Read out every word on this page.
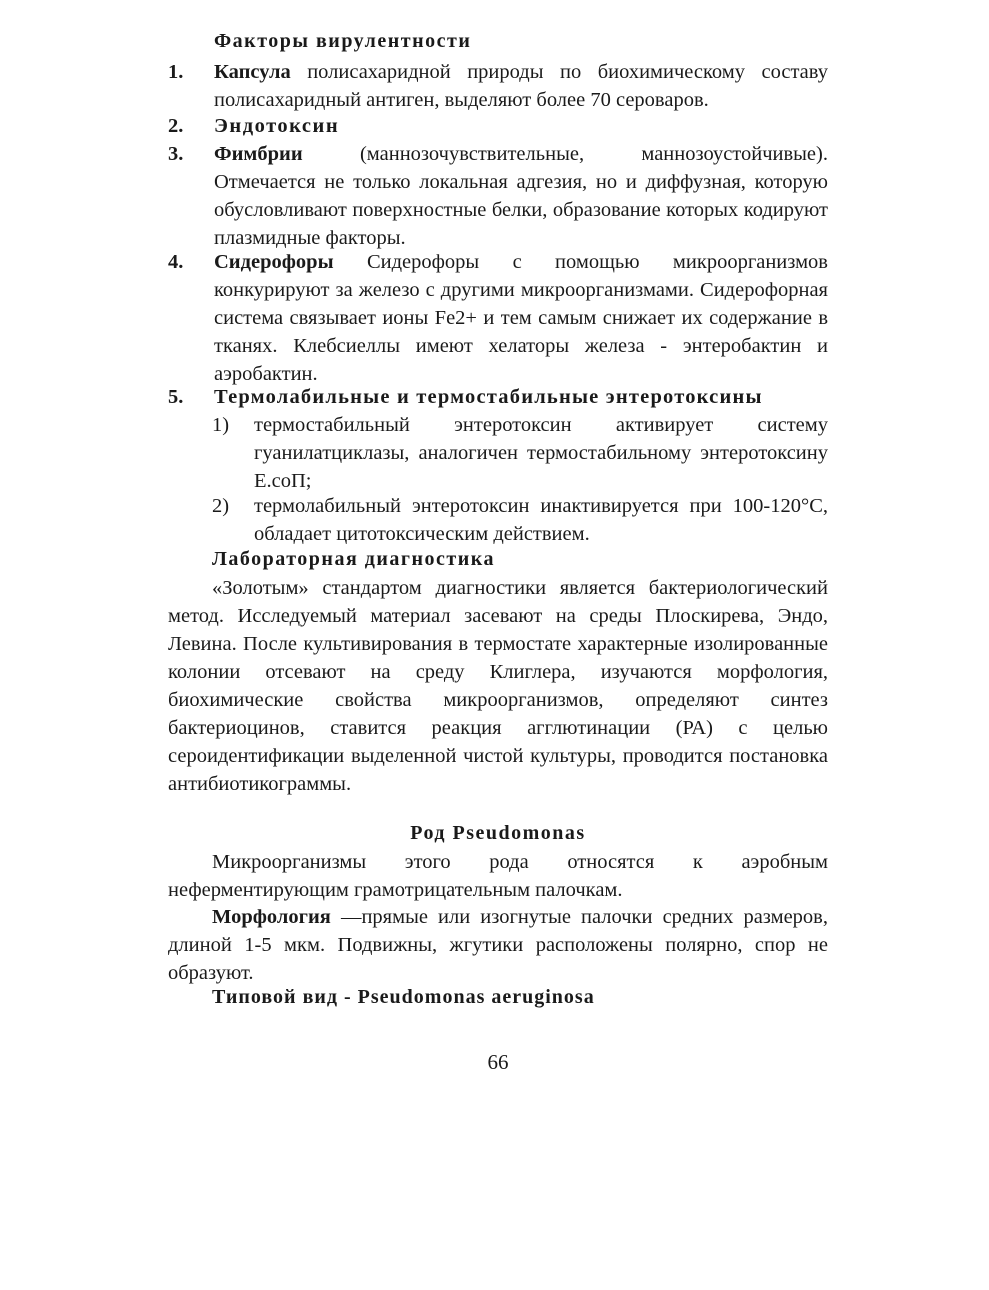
Факторы вирулентности
1.	Капсула полисахаридной природы по биохимическому составу полисахаридный антиген, выделяют более 70 сероваров.
2.	Эндотоксин
3.	Фимбрии (маннозочувствительные, маннозоустойчивые). Отмечается не только локальная адгезия, но и диффузная, которую обусловливают поверхностные белки, образование которых кодируют плазмидные факторы.
4.	Сидерофоры Сидерофоры с помощью микроорганизмов конкурируют за железо с другими микроорганизмами. Сидерофорная система связывает ионы Fe2+ и тем самым снижает их содержание в тканях. Клебсиеллы имеют хелаторы железа - энтеробактин и аэробактин.
5.	Термолабильные и термостабильные энтеротоксины
1)	термостабильный энтеротоксин активирует систему гуанилатциклазы, аналогичен термостабильному энтеротоксину E.coП;
2)	термолабильный энтеротоксин инактивируется при 100-120°С, обладает цитотоксическим действием.
Лабораторная диагностика
«Золотым» стандартом диагностики является бактериологический метод. Исследуемый материал засевают на среды Плоскирева, Эндо, Левина. После культивирования в термостате характерные изолированные колонии отсевают на среду Клиглера, изучаются морфология, биохимические свойства микроорганизмов, определяют синтез бактериоцинов, ставится реакция агглютинации (РА) с целью сероидентификации выделенной чистой культуры, проводится постановка антибиотикограммы.
Род Pseudomonas
Микроорганизмы этого рода относятся к аэробным неферментирующим грамотрицательным палочкам.
Морфология —прямые или изогнутые палочки средних размеров, длиной 1-5 мкм. Подвижны, жгутики расположены полярно, спор не образуют.
Типовой вид - Pseudomonas aeruginosa
66
